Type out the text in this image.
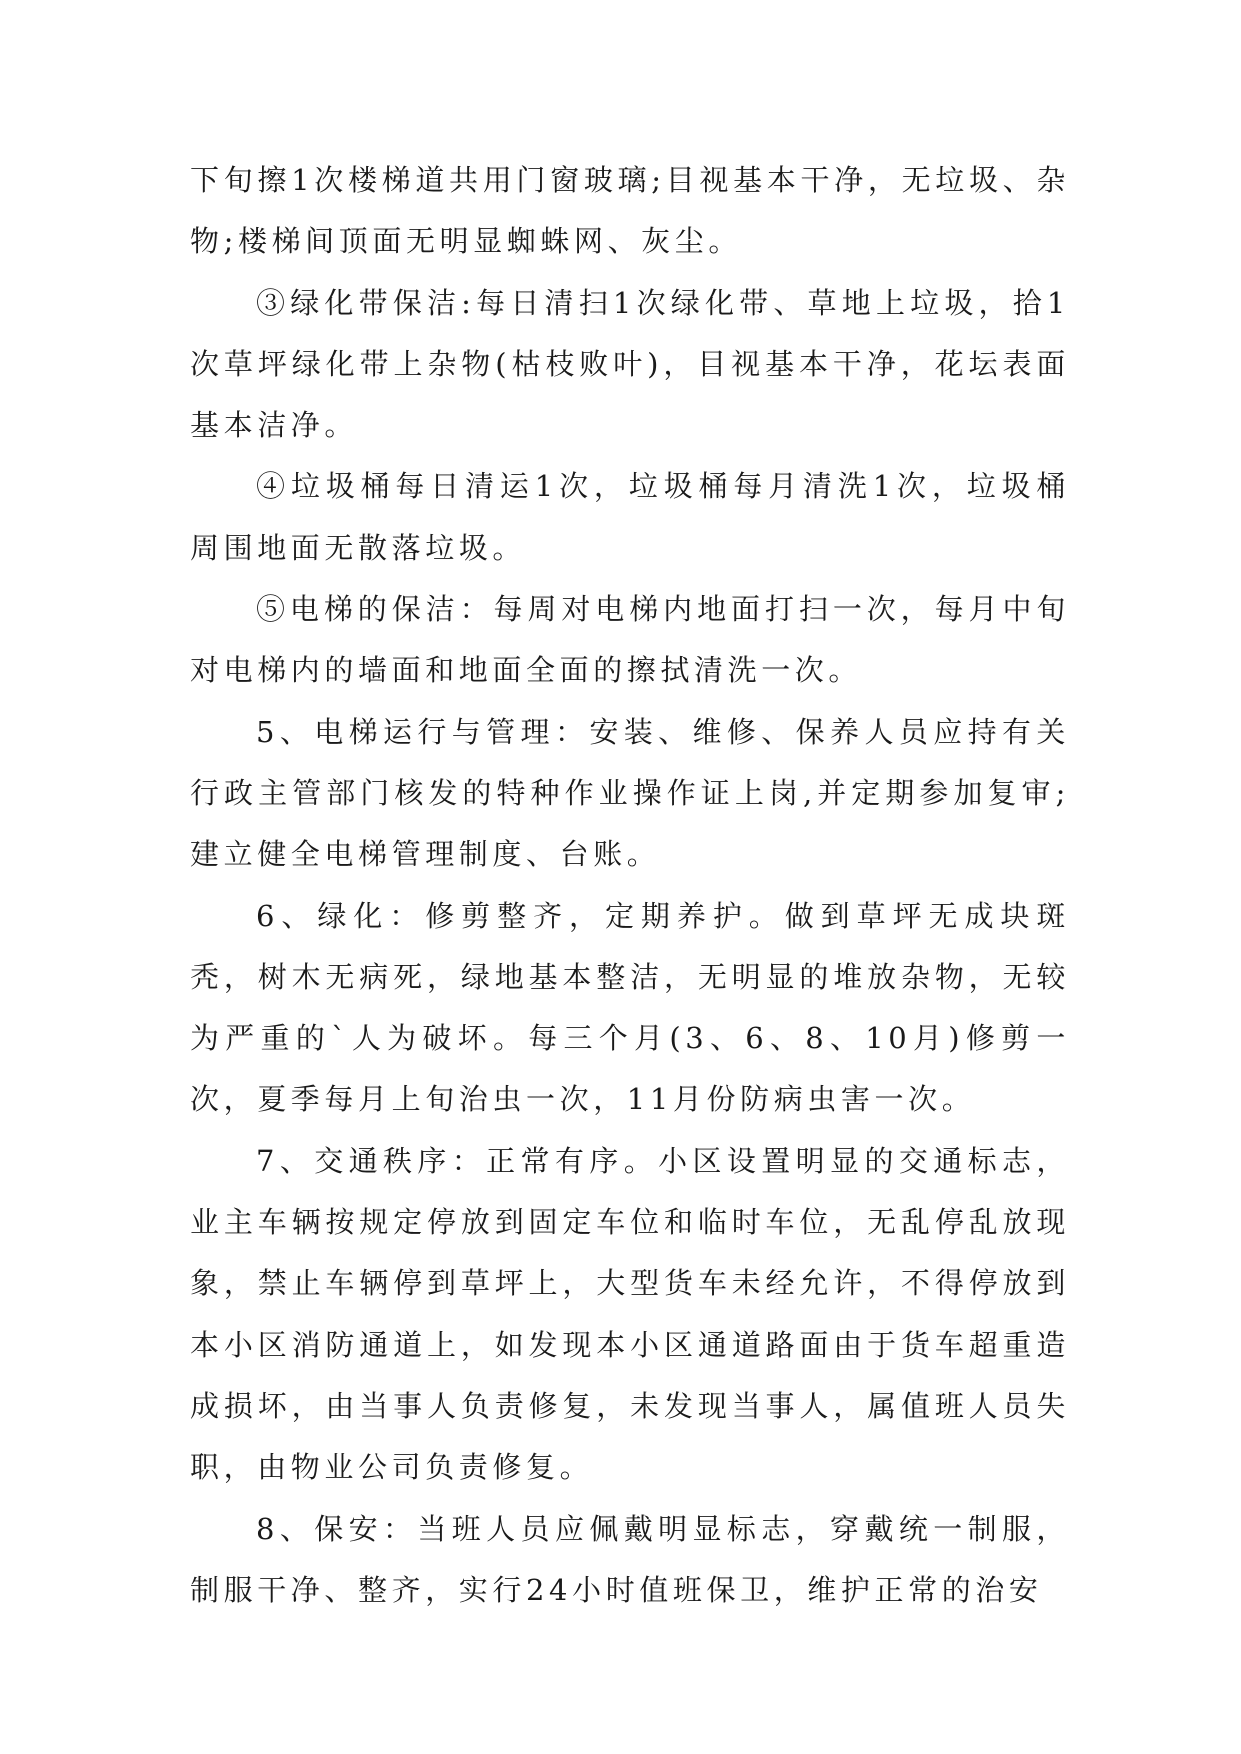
下旬擦1次楼梯道共用门窗玻璃;目视基本干净，无垃圾、杂物;楼梯间顶面无明显蜘蛛网、灰尘。

③绿化带保洁:每日清扫1次绿化带、草地上垃圾，拾1次草坪绿化带上杂物(枯枝败叶)，目视基本干净，花坛表面基本洁净。

④垃圾桶每日清运1次，垃圾桶每月清洗1次，垃圾桶周围地面无散落垃圾。

⑤电梯的保洁：每周对电梯内地面打扫一次，每月中旬对电梯内的墙面和地面全面的擦拭清洗一次。

5、电梯运行与管理：安装、维修、保养人员应持有关行政主管部门核发的特种作业操作证上岗,并定期参加复审;建立健全电梯管理制度、台账。

6、绿化：修剪整齐，定期养护。做到草坪无成块斑秃，树木无病死，绿地基本整洁，无明显的堆放杂物，无较为严重的`人为破坏。每三个月(3、6、8、10月)修剪一次，夏季每月上旬治虫一次，11月份防病虫害一次。

7、交通秩序：正常有序。小区设置明显的交通标志，业主车辆按规定停放到固定车位和临时车位，无乱停乱放现象，禁止车辆停到草坪上，大型货车未经允许，不得停放到本小区消防通道上，如发现本小区通道路面由于货车超重造成损坏，由当事人负责修复，未发现当事人，属值班人员失职，由物业公司负责修复。

8、保安：当班人员应佩戴明显标志，穿戴统一制服，制服干净、整齐，实行24小时值班保卫，维护正常的治安
